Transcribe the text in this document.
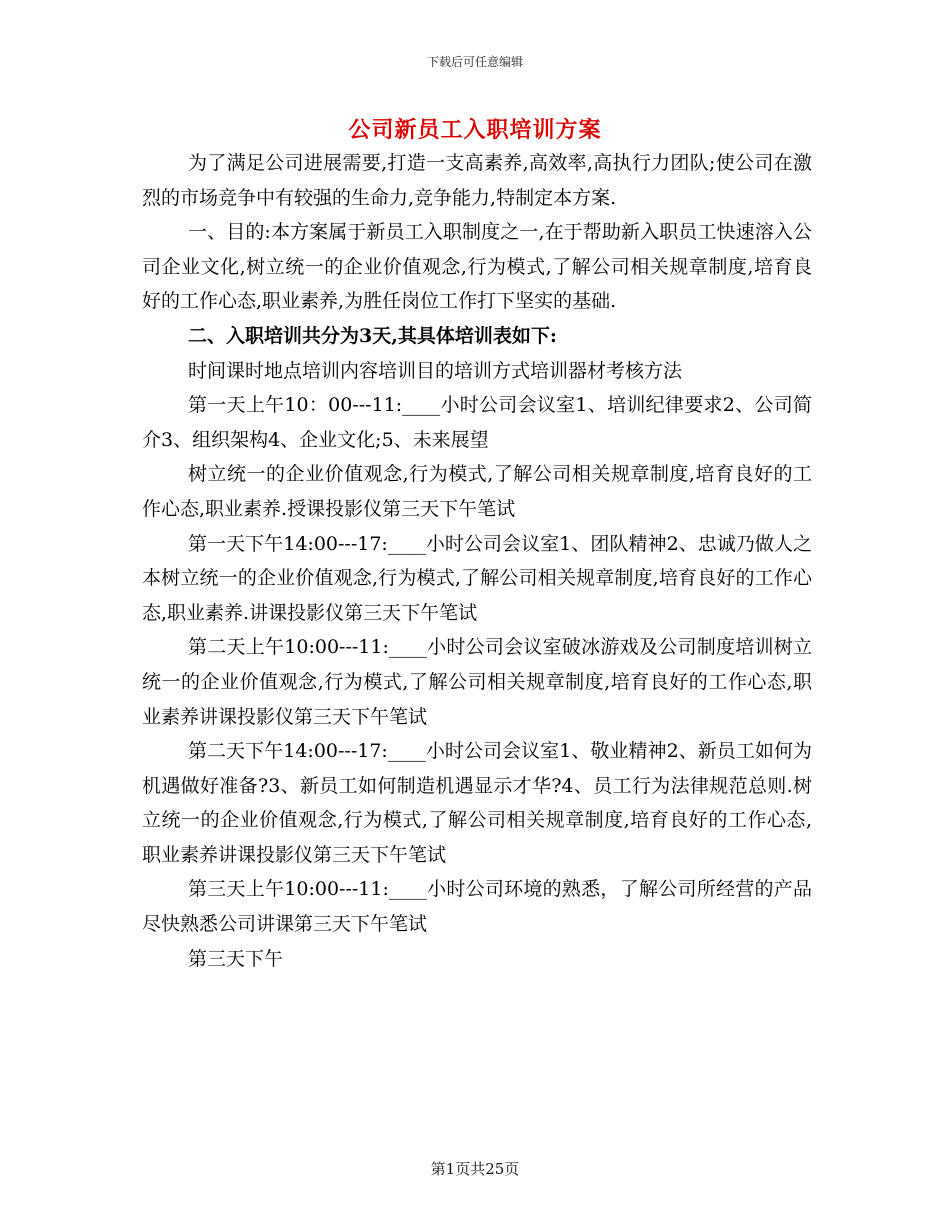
下载后可任意编辑
公司新员工入职培训方案

为了满足公司进展需要,打造一支高素养,高效率,高执行力团队;使公司在激烈的市场竞争中有较强的生命力,竞争能力,特制定本方案.

一、目的:本方案属于新员工入职制度之一,在于帮助新入职员工快速溶入公司企业文化,树立统一的企业价值观念,行为模式,了解公司相关规章制度,培育良好的工作心态,职业素养,为胜任岗位工作打下坚实的基础.

二、入职培训共分为3天,其具体培训表如下:

时间课时地点培训内容培训目的培训方式培训器材考核方法

第一天上午10：00---11:____小时公司会议室1、培训纪律要求2、公司简介3、组织架构4、企业文化;5、未来展望

树立统一的企业价值观念,行为模式,了解公司相关规章制度,培育良好的工作心态,职业素养.授课投影仪第三天下午笔试

第一天下午14:00---17:____小时公司会议室1、团队精神2、忠诚乃做人之本树立统一的企业价值观念,行为模式,了解公司相关规章制度,培育良好的工作心态,职业素养.讲课投影仪第三天下午笔试

第二天上午10:00---11:____小时公司会议室破冰游戏及公司制度培训树立统一的企业价值观念,行为模式,了解公司相关规章制度,培育良好的工作心态,职业素养讲课投影仪第三天下午笔试

第二天下午14:00---17:____小时公司会议室1、敬业精神2、新员工如何为机遇做好准备?3、新员工如何制造机遇显示才华?4、员工行为法律规范总则.树立统一的企业价值观念,行为模式,了解公司相关规章制度,培育良好的工作心态,职业素养讲课投影仪第三天下午笔试

第三天上午10:00---11:____小时公司环境的熟悉，了解公司所经营的产品尽快熟悉公司讲课第三天下午笔试

第三天下午

第1页共25页
